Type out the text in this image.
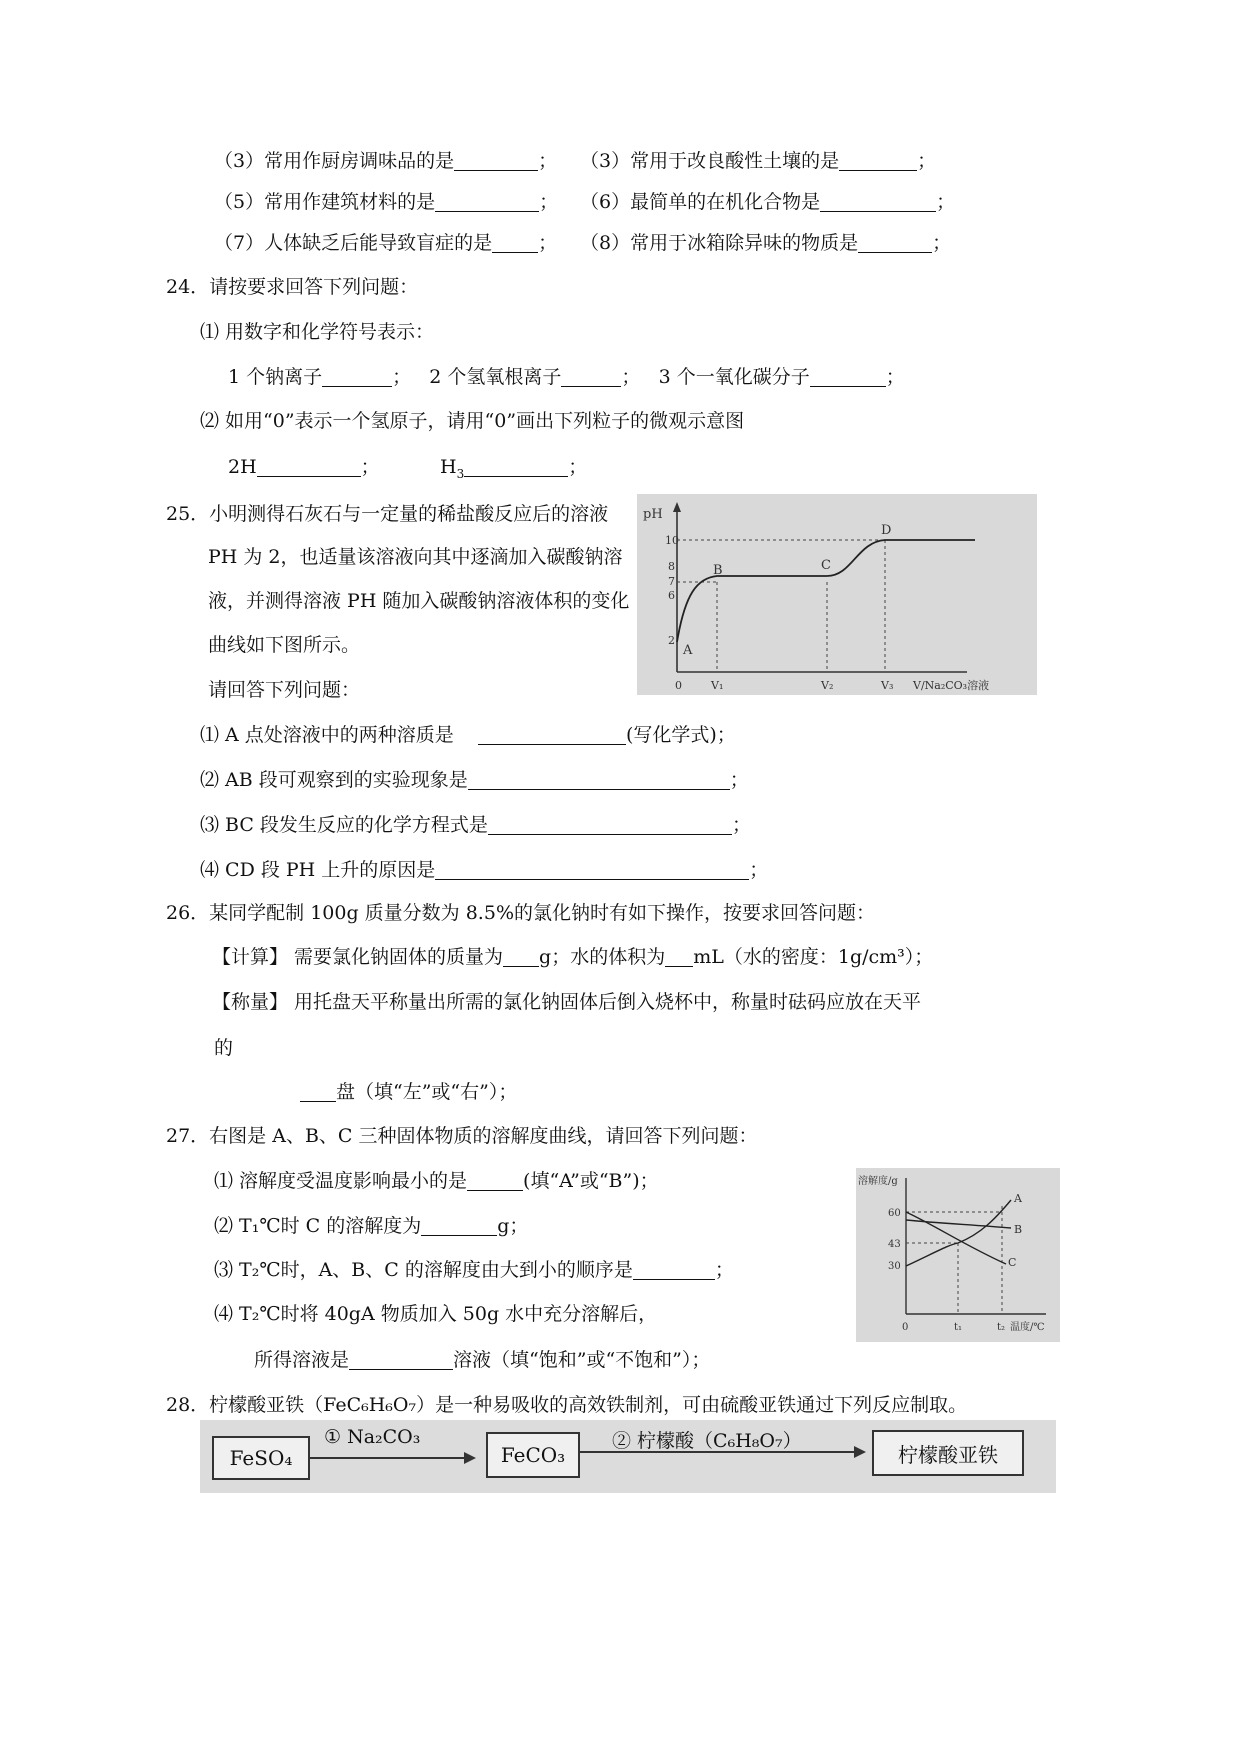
（3）常用作厨房调味品的是	； （3）常用于改良酸性土壤的是	；
（5）常用作建筑材料的是	； （6）最简单的在机化合物是	；
（7）人体缺乏后能导致盲症的是 ； （8）常用于冰箱除异味的物质是	；
24．请按要求回答下列问题：
⑴ 用数字和化学符号表示：
1 个钠离子	； 2 个氢氧根离子	； 3 个一氧化碳分子	；
⑵ 如用“0”表示一个氢原子，请用“0”画出下列粒子的微观示意图
2H	；	$H_3$	；
25．小明测得石灰石与一定量的稀盐酸反应后的溶液
PH 为 2，也适量该溶液向其中逐滴加入碳酸钠溶
液，并测得溶液 PH 随加入碳酸钠溶液体积的变化
曲线如下图所示。
请回答下列问题：
pH
10
8
7
6
2
A
B	C
D
0	V₁	V₂	V₃ V/Na₂CO₃溶液
⑴ A 点处溶液中的两种溶质是	(写化学式)；
⑵ AB 段可观察到的实验现象是	；
⑶ BC 段发生反应的化学方程式是	；
⑷ CD 段 PH 上升的原因是	；
26．某同学配制 100g 质量分数为 8.5%的氯化钠时有如下操作，按要求回答问题：
【计算】 需要氯化钠固体的质量为 g；水的体积为 mL（水的密度：1g/cm³）；
【称量】 用托盘天平称量出所需的氯化钠固体后倒入烧杯中，称量时砝码应放在天平
的
盘（填“左”或“右”）；
27．右图是 A、B、C 三种固体物质的溶解度曲线，请回答下列问题：
⑴ 溶解度受温度影响最小的是	(填“A”或“B”)；
⑵ T₁℃时 C 的溶解度为	g；
⑶ T₂℃时，A、B、C 的溶解度由大到小的顺序是	；
⑷ T₂℃时将 40gA 物质加入 50g 水中充分溶解后，
所得溶液是	溶液（填“饱和”或“不饱和”）；
溶解度/g
60
43
30
A
B
C
0	t₁	t₂ 温度/℃
28．柠檬酸亚铁（FeC₆H₆O₇）是一种易吸收的高效铁制剂，可由硫酸亚铁通过下列反应制取。
FeSO₄
① Na₂CO₃
FeCO₃
② 柠檬酸（C₆H₈O₇）
柠檬酸亚铁
